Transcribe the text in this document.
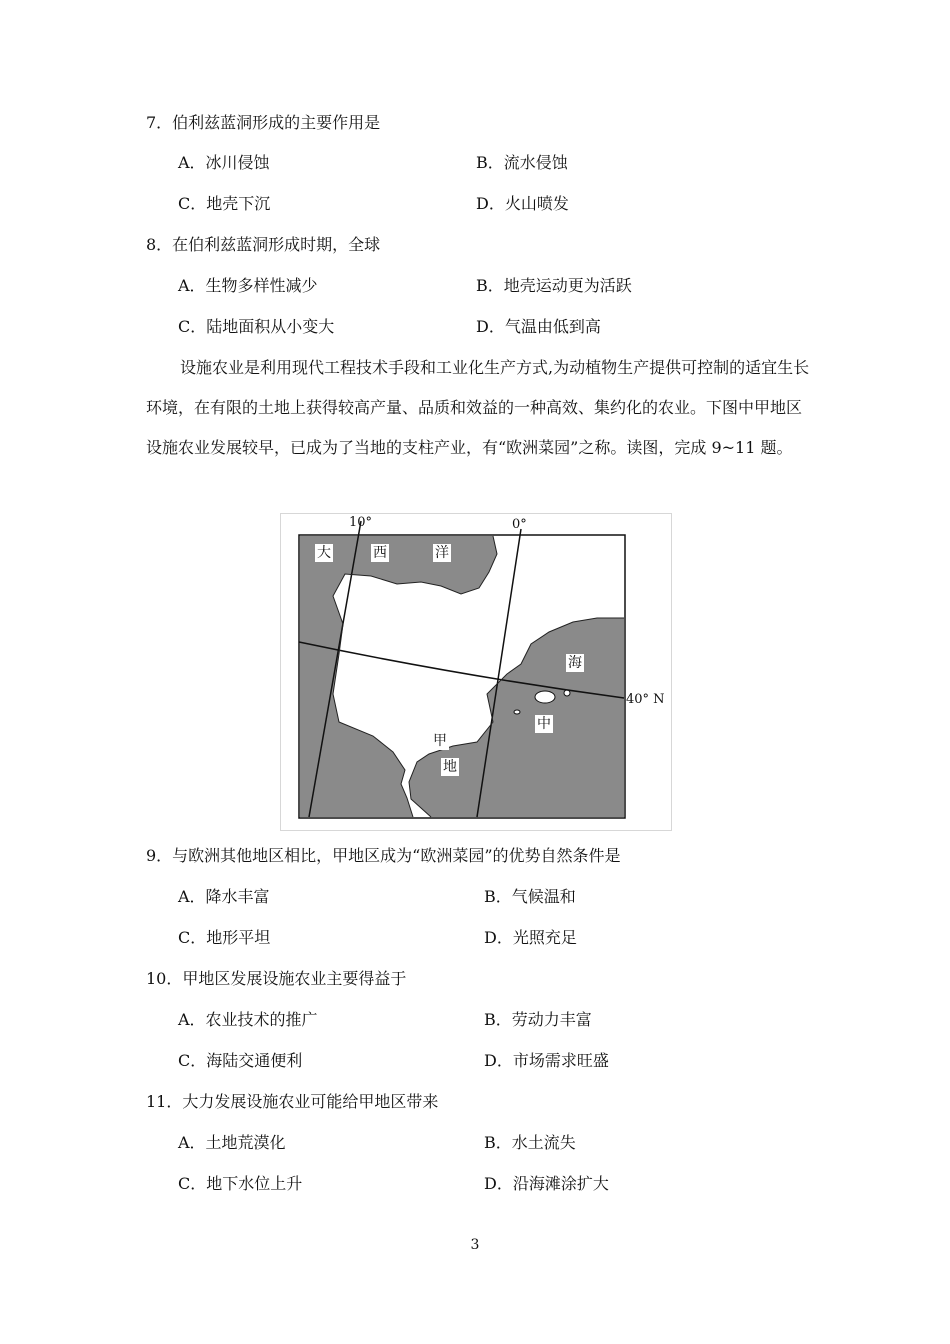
7．伯利兹蓝洞形成的主要作用是
A．冰川侵蚀	B．流水侵蚀
C．地壳下沉	D．火山喷发
8．在伯利兹蓝洞形成时期，全球
A．生物多样性减少	B．地壳运动更为活跃
C．陆地面积从小变大	D．气温由低到高
设施农业是利用现代工程技术手段和工业化生产方式,为动植物生产提供可控制的适宜生长环境，在有限的土地上获得较高产量、品质和效益的一种高效、集约化的农业。下图中甲地区设施农业发展较早，已成为了当地的支柱产业，有“欧洲菜园”之称。读图，完成 9~11 题。
10°	0°
40° N
大	西	洋
海
中
甲
地
9．与欧洲其他地区相比，甲地区成为“欧洲菜园”的优势自然条件是
A．降水丰富	B．气候温和
C．地形平坦	D．光照充足
10．甲地区发展设施农业主要得益于
A．农业技术的推广	B．劳动力丰富
C．海陆交通便利	D．市场需求旺盛
11．大力发展设施农业可能给甲地区带来
A．土地荒漠化	B．水土流失
C．地下水位上升	D．沿海滩涂扩大
3
